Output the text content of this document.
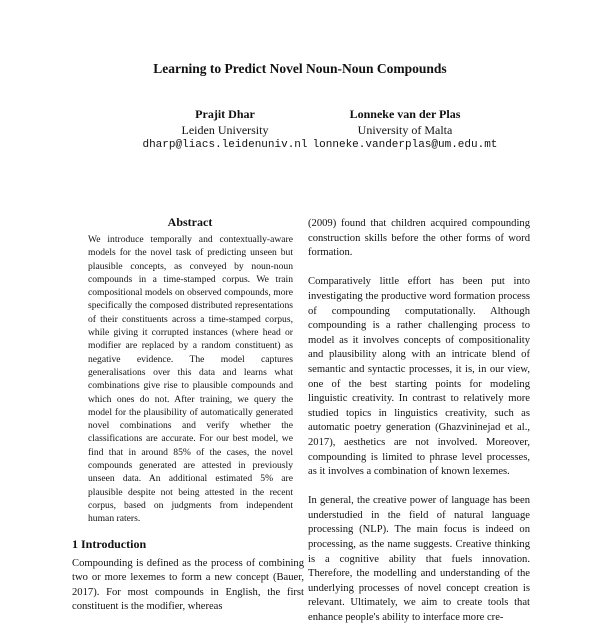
Learning to Predict Novel Noun-Noun Compounds
Prajit Dhar
Leiden University
dharp@liacs.leidenuniv.nl
Lonneke van der Plas
University of Malta
lonneke.vanderplas@um.edu.mt
Abstract

We introduce temporally and contextually-aware models for the novel task of predicting unseen but plausible concepts, as conveyed by noun-noun compounds in a time-stamped corpus. We train compositional models on observed compounds, more specifically the composed distributed representations of their constituents across a time-stamped corpus, while giving it corrupted instances (where head or modifier are replaced by a random constituent) as negative evidence. The model captures generalisations over this data and learns what combinations give rise to plausible compounds and which ones do not. After training, we query the model for the plausibility of automatically generated novel combinations and verify whether the classifications are accurate. For our best model, we find that in around 85% of the cases, the novel compounds generated are attested in previously unseen data. An additional estimated 5% are plausible despite not being attested in the recent corpus, based on judgments from independent human raters.

1 Introduction

Compounding is defined as the process of combining two or more lexemes to form a new concept (Bauer, 2017). For most compounds in English, the first constituent is the modifier, whereas

(2009) found that children acquired compounding construction skills before the other forms of word formation.

Comparatively little effort has been put into investigating the productive word formation process of compounding computationally. Although compounding is a rather challenging process to model as it involves concepts of compositionality and plausibility along with an intricate blend of semantic and syntactic processes, it is, in our view, one of the best starting points for modeling linguistic creativity. In contrast to relatively more studied topics in linguistics creativity, such as automatic poetry generation (Ghazvininejad et al., 2017), aesthetics are not involved. Moreover, compounding is limited to phrase level processes, as it involves a combination of known lexemes.

In general, the creative power of language has been understudied in the field of natural language processing (NLP). The main focus is indeed on processing, as the name suggests. Creative thinking is a cognitive ability that fuels innovation. Therefore, the modelling and understanding of the underlying processes of novel concept creation is relevant. Ultimately, we aim to create tools that enhance people's ability to interface more cre-
